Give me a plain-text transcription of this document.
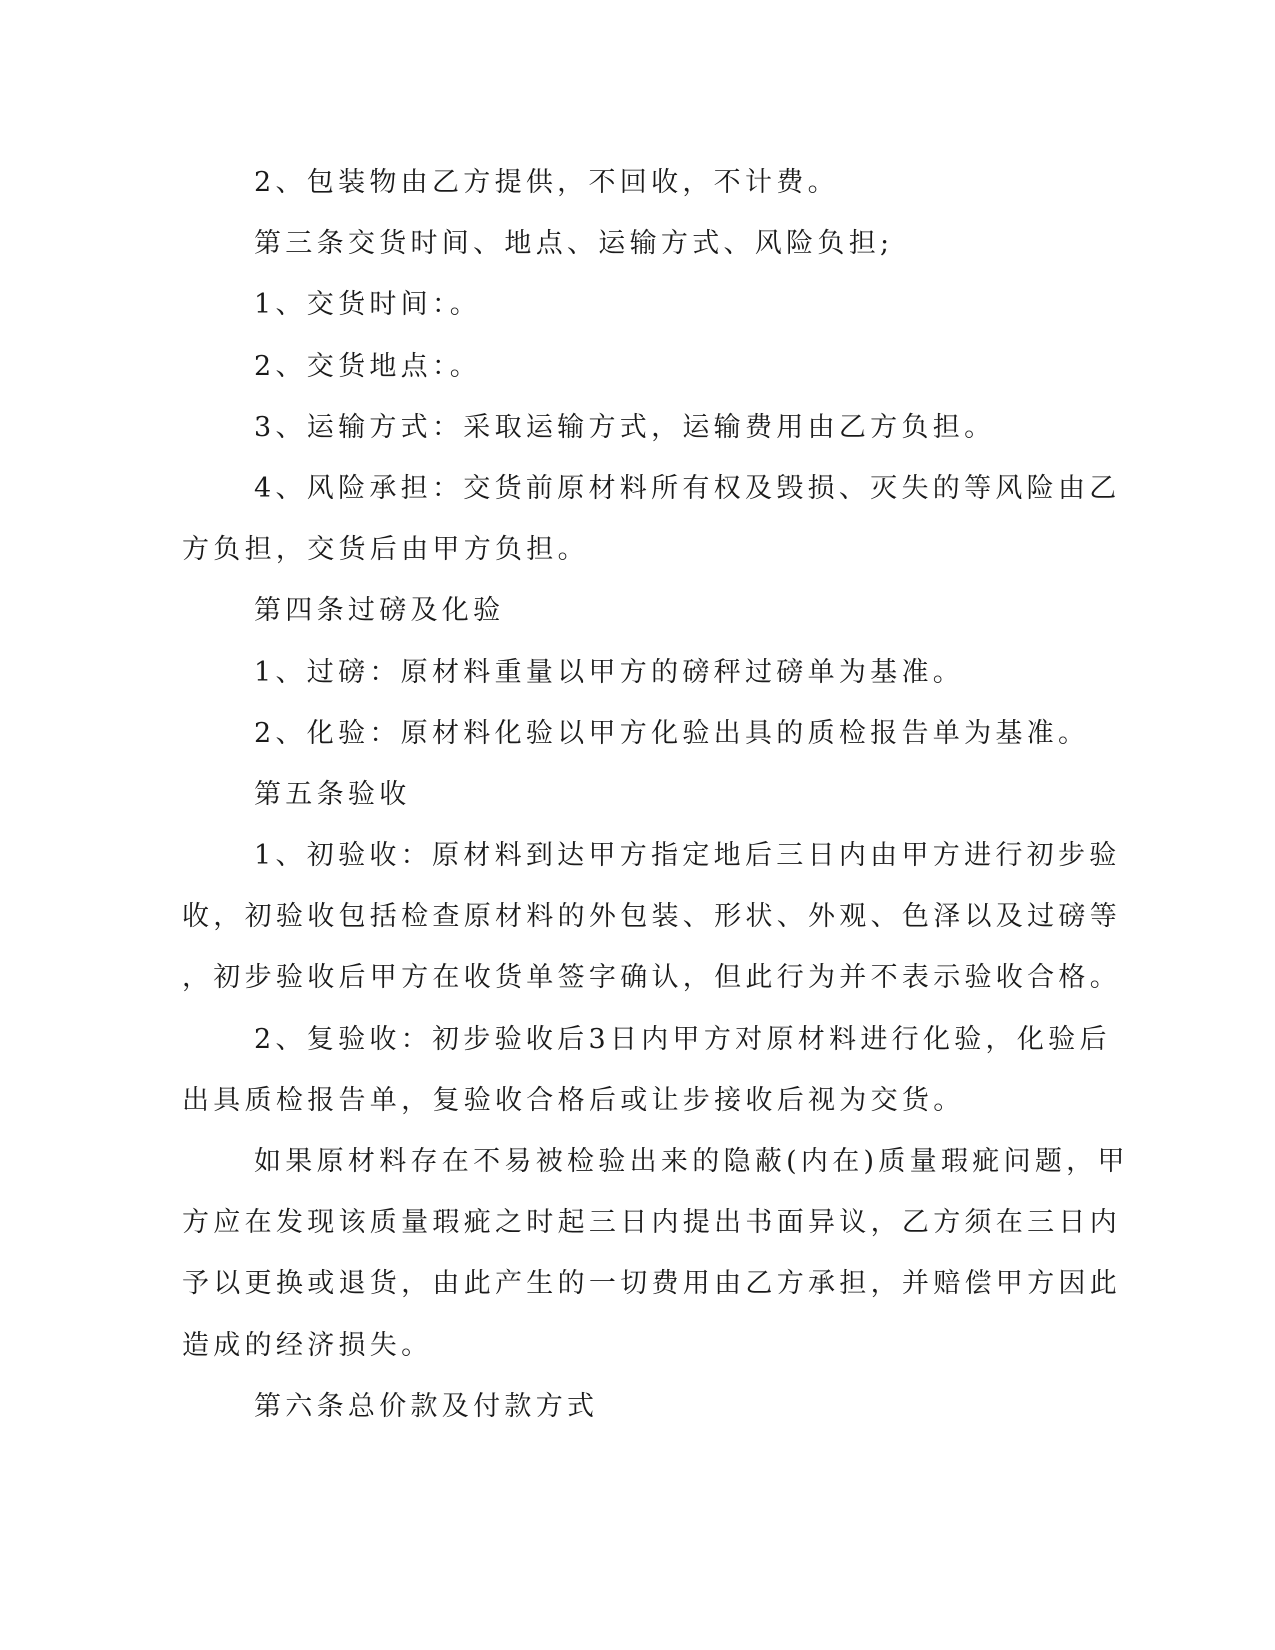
2、包装物由乙方提供，不回收，不计费。

第三条交货时间、地点、运输方式、风险负担;

1、交货时间：。

2、交货地点：。

3、运输方式：采取运输方式，运输费用由乙方负担。

4、风险承担：交货前原材料所有权及毁损、灭失的等风险由乙

方负担，交货后由甲方负担。

第四条过磅及化验

1、过磅：原材料重量以甲方的磅秤过磅单为基准。

2、化验：原材料化验以甲方化验出具的质检报告单为基准。

第五条验收

1、初验收：原材料到达甲方指定地后三日内由甲方进行初步验

收，初验收包括检查原材料的外包装、形状、外观、色泽以及过磅等

，初步验收后甲方在收货单签字确认，但此行为并不表示验收合格。

2、复验收：初步验收后3日内甲方对原材料进行化验，化验后

出具质检报告单，复验收合格后或让步接收后视为交货。

如果原材料存在不易被检验出来的隐蔽(内在)质量瑕疵问题，甲

方应在发现该质量瑕疵之时起三日内提出书面异议，乙方须在三日内

予以更换或退货，由此产生的一切费用由乙方承担，并赔偿甲方因此

造成的经济损失。

第六条总价款及付款方式
